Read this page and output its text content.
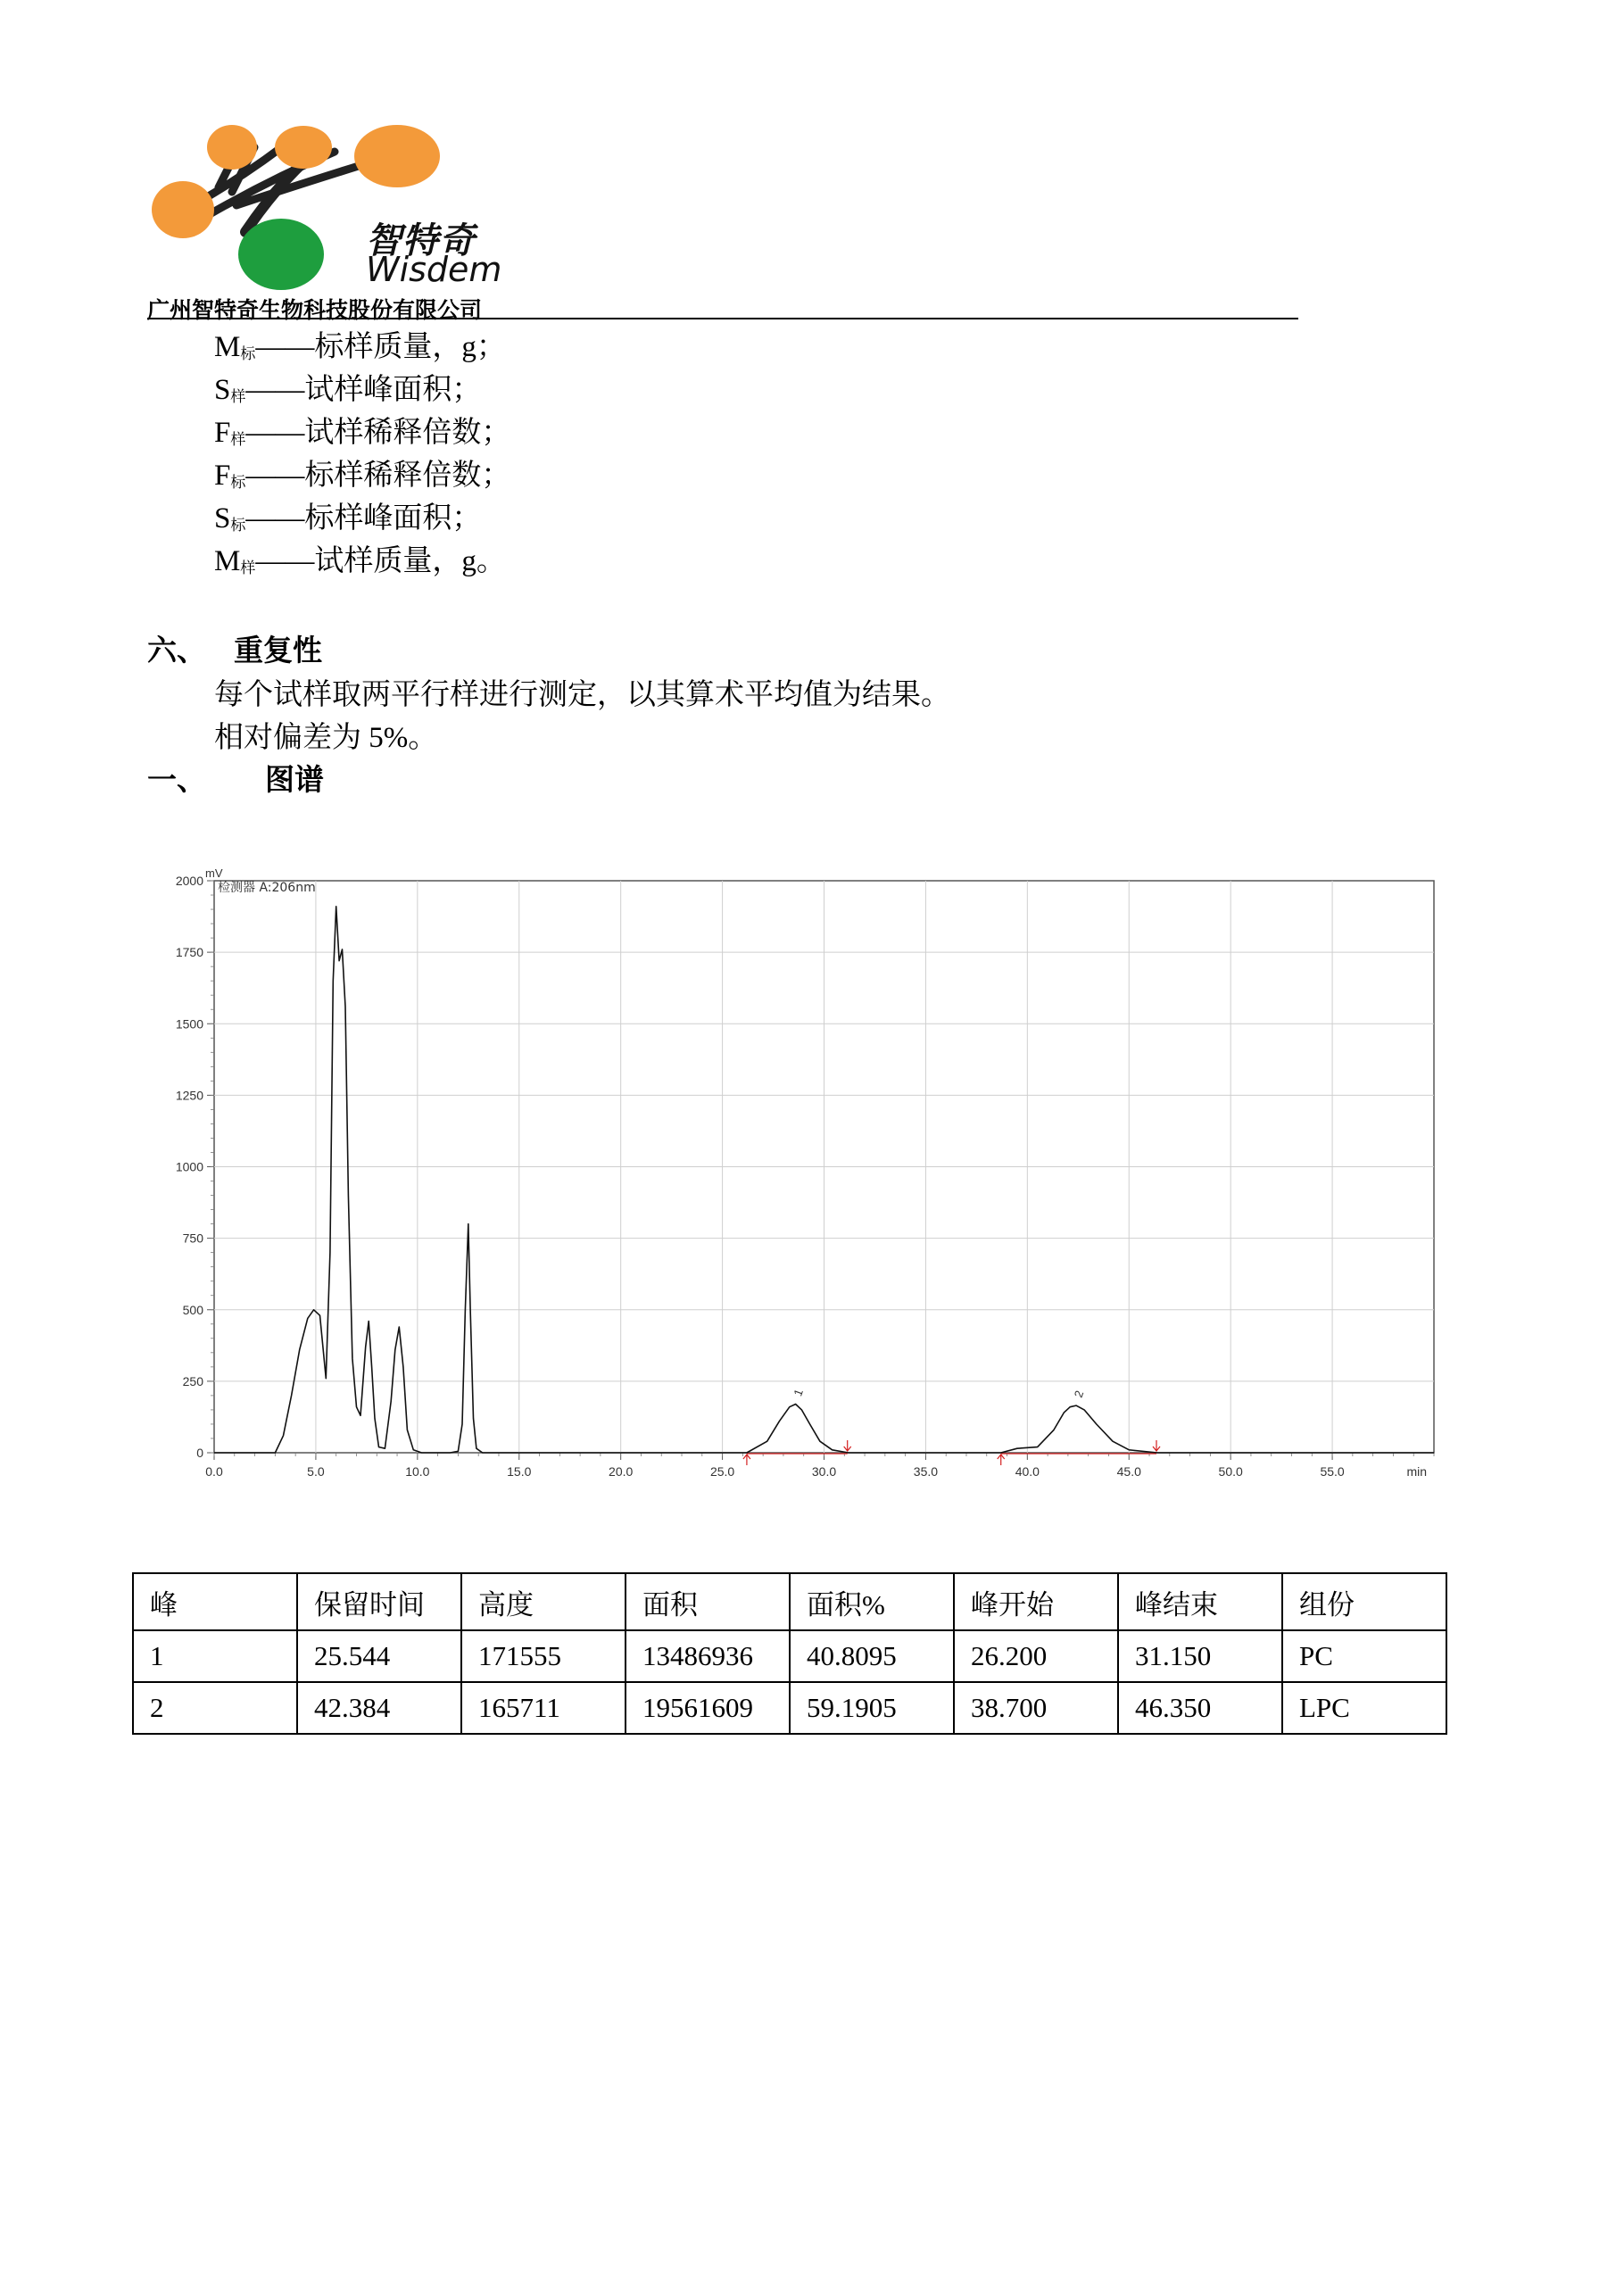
智特奇
Wisdem
广州智特奇生物科技股份有限公司
$M_标——$标样质量，g；
$S_样——$试样峰面积；
$F_样——$试样稀释倍数；
$F_标——$标样稀释倍数；
$S_标——$标样峰面积；
$M_样——$试样质量，g。
六、 重复性
每个试样取两平行样进行测定，以其算术平均值为结果。
相对偏差为 5%。
一、 图谱
0.0	5.0	10.0	15.0	20.0	25.0	30.0	35.0	40.0	45.0	50.0	55.0
0
250
500
750
1000
1250
1500
1750
2000
mV
检测器 A:206nm
min
1	2
峰	保留时间	高度	面积	面积%	峰开始	峰结束	组份
1	25.544	171555	13486936	40.8095	26.200	31.150	PC
2	42.384	165711	19561609	59.1905	38.700	46.350	LPC
